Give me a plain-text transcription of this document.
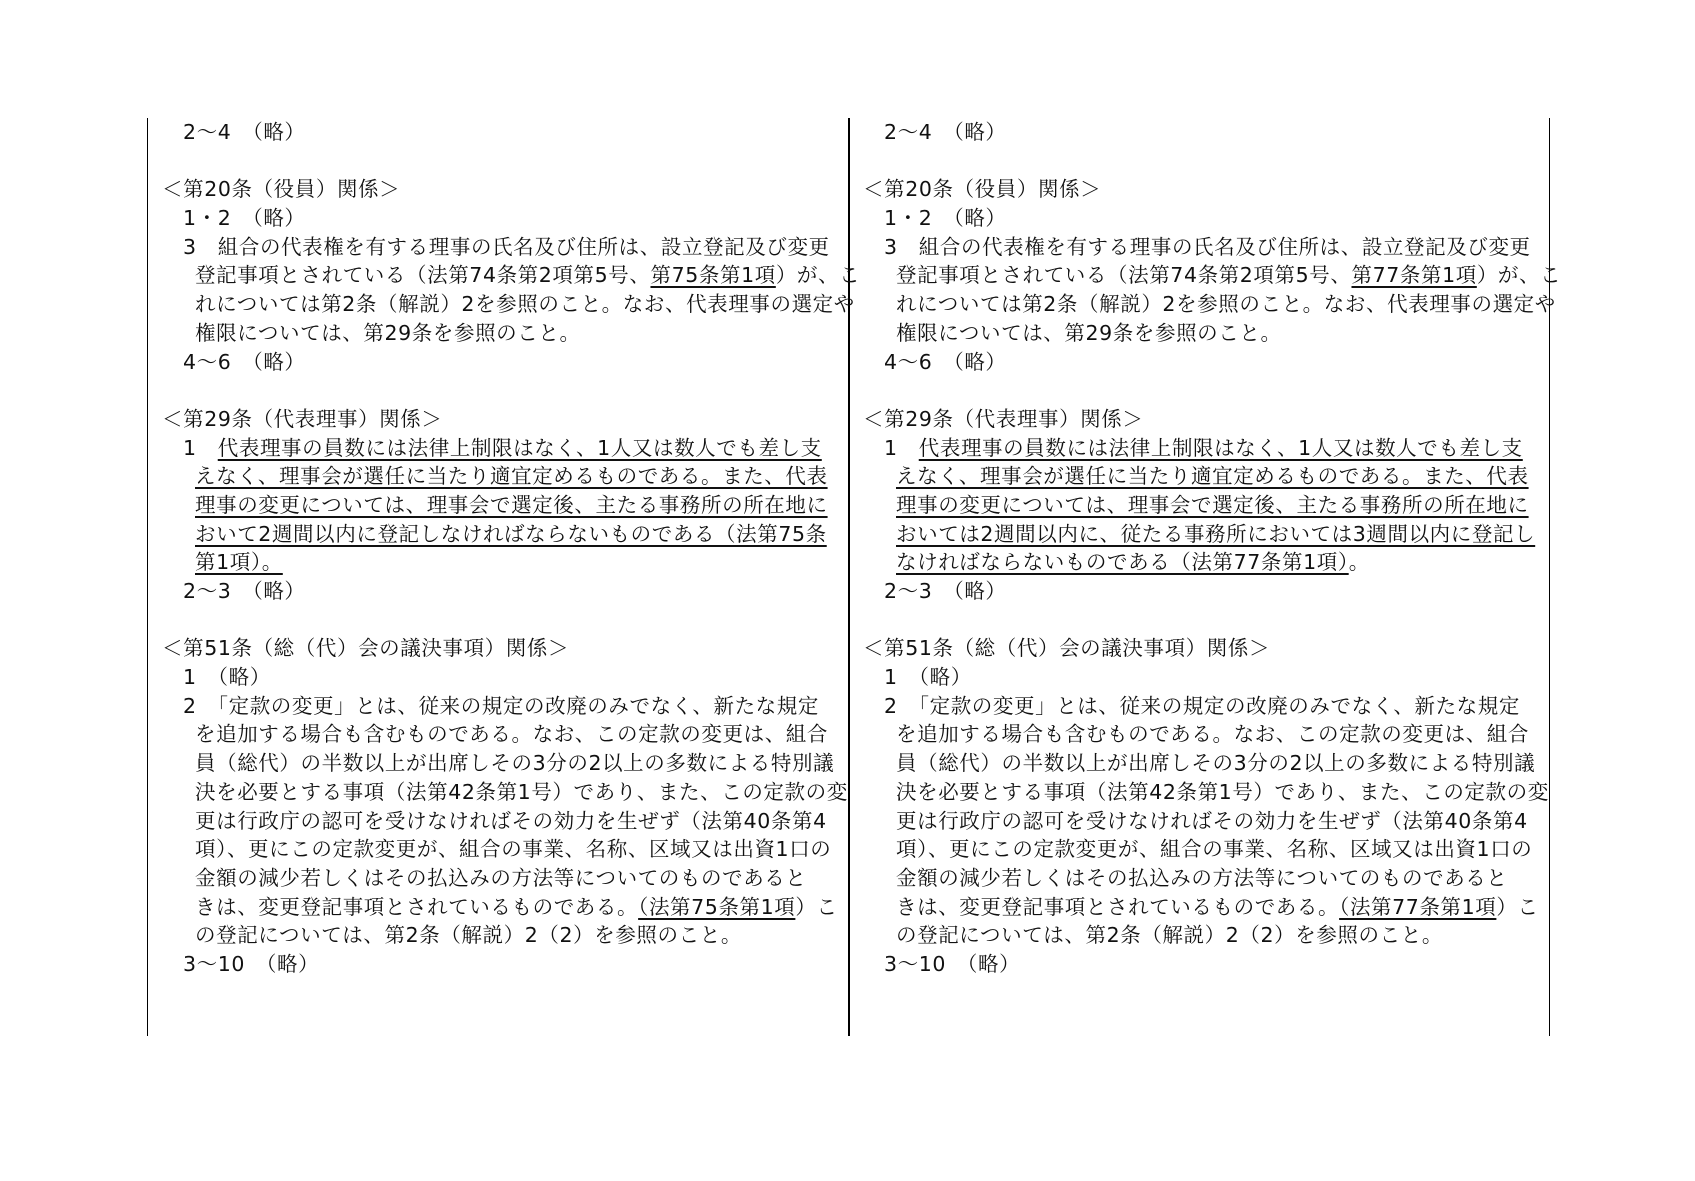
2～4　（略）
＜第20条（役員）関係＞
1・2　（略）
3　組合の代表権を有する理事の氏名及び住所は、設立登記及び変更
登記事項とされている（法第74条第2項第5号、第75条第1項）が、こ
れについては第2条（解説）2を参照のこと。なお、代表理事の選定や
権限については、第29条を参照のこと。
4～6　（略）
＜第29条（代表理事）関係＞
1　代表理事の員数には法律上制限はなく、1人又は数人でも差し支
えなく、理事会が選任に当たり適宜定めるものである。また、代表
理事の変更については、理事会で選定後、主たる事務所の所在地に
おいて2週間以内に登記しなければならないものである（法第75条
第1項）。
2～3　（略）
＜第51条（総（代）会の議決事項）関係＞
1　（略）
2　「定款の変更」とは、従来の規定の改廃のみでなく、新たな規定
を追加する場合も含むものである。なお、この定款の変更は、組合
員（総代）の半数以上が出席しその3分の2以上の多数による特別議
決を必要とする事項（法第42条第1号）であり、また、この定款の変
更は行政庁の認可を受けなければその効力を生ぜず（法第40条第4
項）、更にこの定款変更が、組合の事業、名称、区域又は出資1口の
金額の減少若しくはその払込みの方法等についてのものであると
きは、変更登記事項とされているものである。（法第75条第1項）こ
の登記については、第2条（解説）2（2）を参照のこと。
3～10　（略）
2～4　（略）
＜第20条（役員）関係＞
1・2　（略）
3　組合の代表権を有する理事の氏名及び住所は、設立登記及び変更
登記事項とされている（法第74条第2項第5号、第77条第1項）が、こ
れについては第2条（解説）2を参照のこと。なお、代表理事の選定や
権限については、第29条を参照のこと。
4～6　（略）
＜第29条（代表理事）関係＞
1　代表理事の員数には法律上制限はなく、1人又は数人でも差し支
えなく、理事会が選任に当たり適宜定めるものである。また、代表
理事の変更については、理事会で選定後、主たる事務所の所在地に
おいては2週間以内に、従たる事務所においては3週間以内に登記し
なければならないものである（法第77条第1項）。
2～3　（略）
＜第51条（総（代）会の議決事項）関係＞
1　（略）
2　「定款の変更」とは、従来の規定の改廃のみでなく、新たな規定
を追加する場合も含むものである。なお、この定款の変更は、組合
員（総代）の半数以上が出席しその3分の2以上の多数による特別議
決を必要とする事項（法第42条第1号）であり、また、この定款の変
更は行政庁の認可を受けなければその効力を生ぜず（法第40条第4
項）、更にこの定款変更が、組合の事業、名称、区域又は出資1口の
金額の減少若しくはその払込みの方法等についてのものであると
きは、変更登記事項とされているものである。（法第77条第1項）こ
の登記については、第2条（解説）2（2）を参照のこと。
3～10　（略）
